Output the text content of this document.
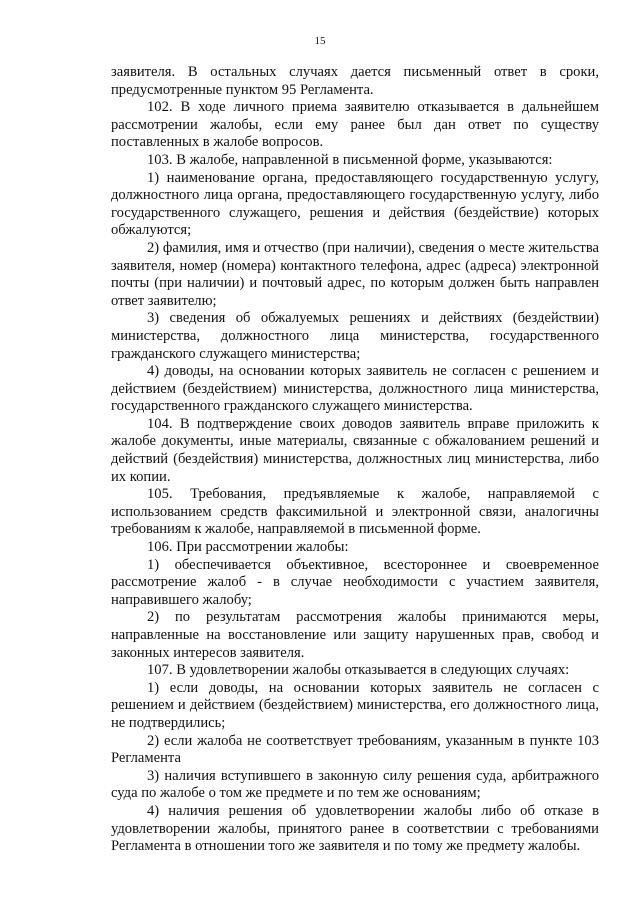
15

заявителя. В остальных случаях дается письменный ответ в сроки, предусмотренные пунктом 95 Регламента.

102. В ходе личного приема заявителю отказывается в дальнейшем рассмотрении жалобы, если ему ранее был дан ответ по существу поставленных в жалобе вопросов.

103. В жалобе, направленной в письменной форме, указываются:

1) наименование органа, предоставляющего государственную услугу, должностного лица органа, предоставляющего государственную услугу, либо государственного служащего, решения и действия (бездействие) которых обжалуются;

2) фамилия, имя и отчество (при наличии), сведения о месте жительства заявителя, номер (номера) контактного телефона, адрес (адреса) электронной почты (при наличии) и почтовый адрес, по которым должен быть направлен ответ заявителю;

3) сведения об обжалуемых решениях и действиях (бездействии) министерства, должностного лица министерства, государственного гражданского служащего министерства;

4) доводы, на основании которых заявитель не согласен с решением и действием (бездействием) министерства, должностного лица министерства, государственного гражданского служащего министерства.

104. В подтверждение своих доводов заявитель вправе приложить к жалобе документы, иные материалы, связанные с обжалованием решений и действий (бездействия) министерства, должностных лиц министерства, либо их копии.

105. Требования, предъявляемые к жалобе, направляемой с использованием средств факсимильной и электронной связи, аналогичны требованиям к жалобе, направляемой в письменной форме.

106. При рассмотрении жалобы:

1) обеспечивается объективное, всестороннее и своевременное рассмотрение жалоб - в случае необходимости с участием заявителя, направившего жалобу;

2) по результатам рассмотрения жалобы принимаются меры, направленные на восстановление или защиту нарушенных прав, свобод и законных интересов заявителя.

107. В удовлетворении жалобы отказывается в следующих случаях:

1) если доводы, на основании которых заявитель не согласен с решением и действием (бездействием) министерства, его должностного лица, не подтвердились;

2) если жалоба не соответствует требованиям, указанным в пункте 103 Регламента

3) наличия вступившего в законную силу решения суда, арбитражного суда по жалобе о том же предмете и по тем же основаниям;

4) наличия решения об удовлетворении жалобы либо об отказе в удовлетворении жалобы, принятого ранее в соответствии с требованиями Регламента в отношении того же заявителя и по тому же предмету жалобы.
